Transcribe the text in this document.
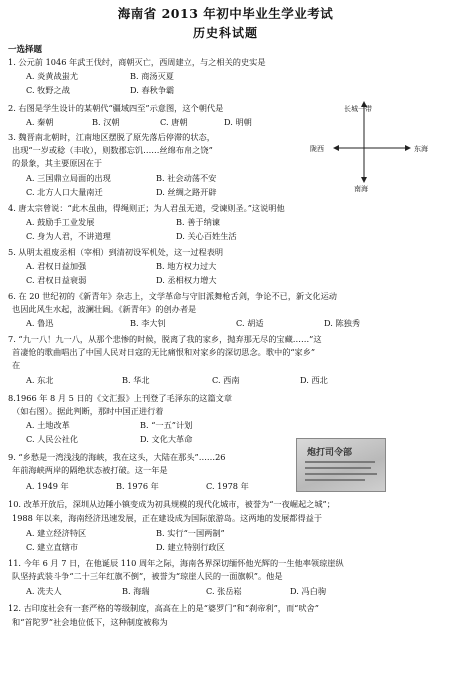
海南省 2013 年初中毕业生学业考试
历史科试题
一选择题
1. 公元前 1046 年武王伐纣，商朝灭亡，西周建立，与之相关的史实是
A. 炎黄战蚩尤	B. 商汤灭夏
C. 牧野之战	D. 春秋争霸
2. 右图是学生设计的某朝代“疆域四至”示意图，这个朝代是
A. 秦朝	B. 汉朝	C. 唐朝	D. 明朝
3. 魏晋南北朝时，江南地区摆脱了原先落后停滞的状态，
出现“一岁或稔（丰收），则数郡忘饥……丝绵布帛之饶”
的景象，其主要原因在于
A. 三国鼎立局面的出现	B. 社会动荡不安
C. 北方人口大量南迁	D. 丝绸之路开辟
4. 唐太宗曾说：“此木虽曲，得绳则正；为人君虽无道，受谏则圣。”这说明他
A. 鼓励手工业发展	B. 善于纳谏
C. 身为人君，不讲道理	D. 关心百姓生活
5. 从明太祖废丞相（宰相）到清初设军机处，这一过程表明
A. 君权日益加强	B. 地方权力过大
C. 君权日益衰弱	D. 丞相权力增大
6. 在 20 世纪初的《新青年》杂志上，文学革命与守旧派舞枪舌剑，争论不已，新文化运动
也因此风生水起，波澜壮阔。《新青年》的创办者是
A. 鲁迅	B. 李大钊	C. 胡适	D. 陈独秀
7. “九一八！九一八，从那个悲惨的时候，脱离了我的家乡，抛弃那无尽的宝藏……”这
首凄怆的歌曲唱出了中国人民对日寇的无比痛恨和对家乡的深切思念。歌中的“家乡”
在
A. 东北	B. 华北	C. 西南	D. 西北
8.1966 年 8 月 5 日的《文汇报》上刊登了毛泽东的这篇文章
（如右图）。据此判断，那时中国正进行着
A. 土地改革	B. “一五”计划
C. 人民公社化	D. 文化大革命
9. “乡愁是一湾浅浅的海峡，我在这头，大陆在那头”……26
年前海峡两岸的隔绝状态被打破。这一年是
A. 1949 年	B. 1976 年	C. 1978 年
10. 改革开放后，深圳从边陲小镇变成为初具规模的现代化城市，被誉为“一夜崛起之城”；
1988 年以来，海南经济迅速发展，正在建设成为国际旅游岛。这两地的发展都得益于
A. 建立经济特区	B. 实行“一国两制”
C. 建立直辖市	D. 建立特别行政区
11. 今年 6 月 7 日，在他诞辰 110 周年之际，海南各界深切缅怀他光辉的一生他率领琼崖纵
队坚持武装斗争“二十三年红旗不倒”，被誉为“琼崖人民的一面旗帜”。他是
A. 冼夫人	B. 海瑞	C. 张岳崧	D. 冯白驹
12. 古印度社会有一套严格的等级制度，高高在上的是“婆罗门”和“刹帝利”，而“吠舍”
和“首陀罗”社会地位低下，这种制度被称为
长城一带
陇西	东海
南海
炮打司令部
